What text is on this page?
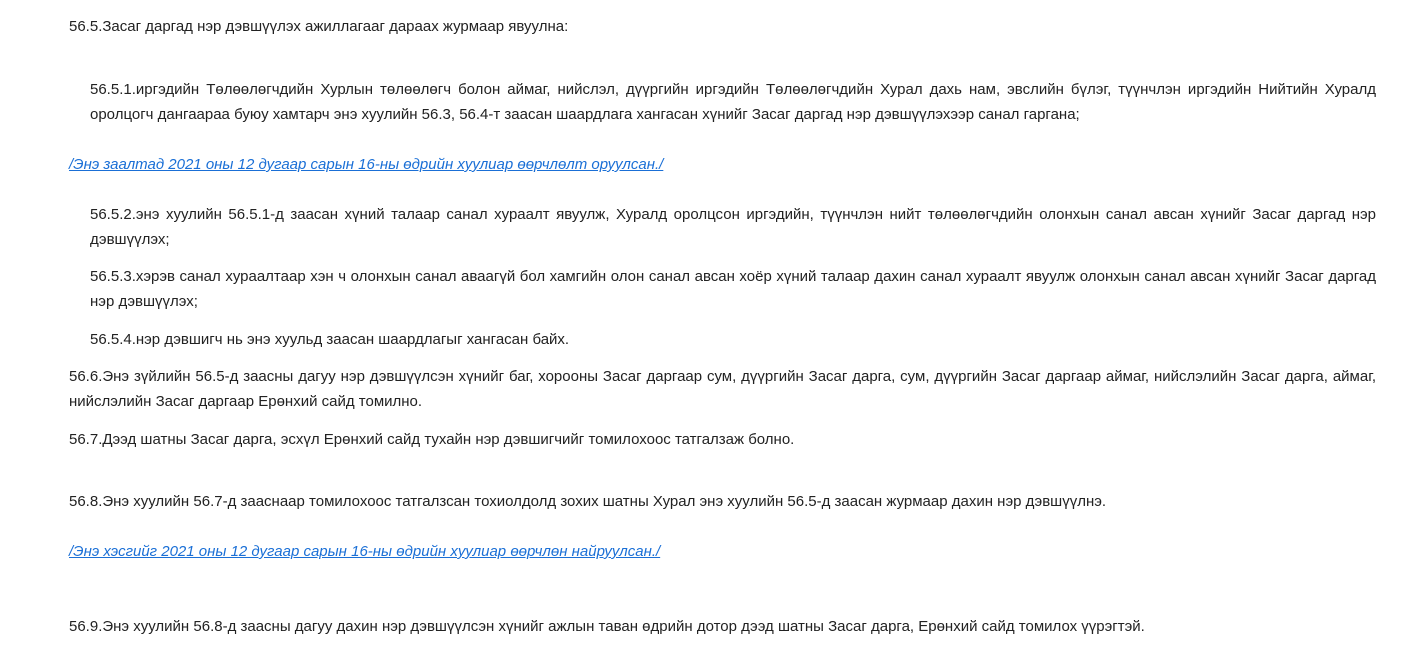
56.5.Засаг даргад нэр дэвшүүлэх ажиллагааг дараах журмаар явуулна:

56.5.1.иргэдийн Төлөөлөгчдийн Хурлын төлөөлөгч болон аймаг, нийслэл, дүүргийн иргэдийн Төлөөлөгчдийн Хурал дахь нам, эвслийн бүлэг, түүнчлэн иргэдийн Нийтийн Хуралд оролцогч дангаараа буюу хамтарч энэ хуулийн 56.3, 56.4-т заасан шаардлага хангасан хүнийг Засаг даргад нэр дэвшүүлэхээр санал гаргана;

/Энэ заалтад 2021 оны 12 дугаар сарын 16-ны өдрийн хуулиар өөрчлөлт оруулсан./

56.5.2.энэ хуулийн 56.5.1-д заасан хүний талаар санал хураалт явуулж, Хуралд оролцсон иргэдийн, түүнчлэн нийт төлөөлөгчдийн олонхын санал авсан хүнийг Засаг даргад нэр дэвшүүлэх;

56.5.3.хэрэв санал хураалтаар хэн ч олонхын санал аваагүй бол хамгийн олон санал авсан хоёр хүний талаар дахин санал хураалт явуулж олонхын санал авсан хүнийг Засаг даргад нэр дэвшүүлэх;

56.5.4.нэр дэвшигч нь энэ хуульд заасан шаардлагыг хангасан байх.

56.6.Энэ зүйлийн 56.5-д заасны дагуу нэр дэвшүүлсэн хүнийг баг, хорооны Засаг даргаар сум, дүүргийн Засаг дарга, сум, дүүргийн Засаг даргаар аймаг, нийслэлийн Засаг дарга, аймаг, нийслэлийн Засаг даргаар Ерөнхий сайд томилно.

56.7.Дээд шатны Засаг дарга, эсхүл Ерөнхий сайд тухайн нэр дэвшигчийг томилохоос татгалзаж болно.

56.8.Энэ хуулийн 56.7-д зааснаар томилохоос татгалзсан тохиолдолд зохих шатны Хурал энэ хуулийн 56.5-д заасан журмаар дахин нэр дэвшүүлнэ.

/Энэ хэсгийг 2021 оны 12 дугаар сарын 16-ны өдрийн хуулиар өөрчлөн найруулсан./

56.9.Энэ хуулийн 56.8-д заасны дагуу дахин нэр дэвшүүлсэн хүнийг ажлын таван өдрийн дотор дээд шатны Засаг дарга, Ерөнхий сайд томилох үүрэгтэй.
